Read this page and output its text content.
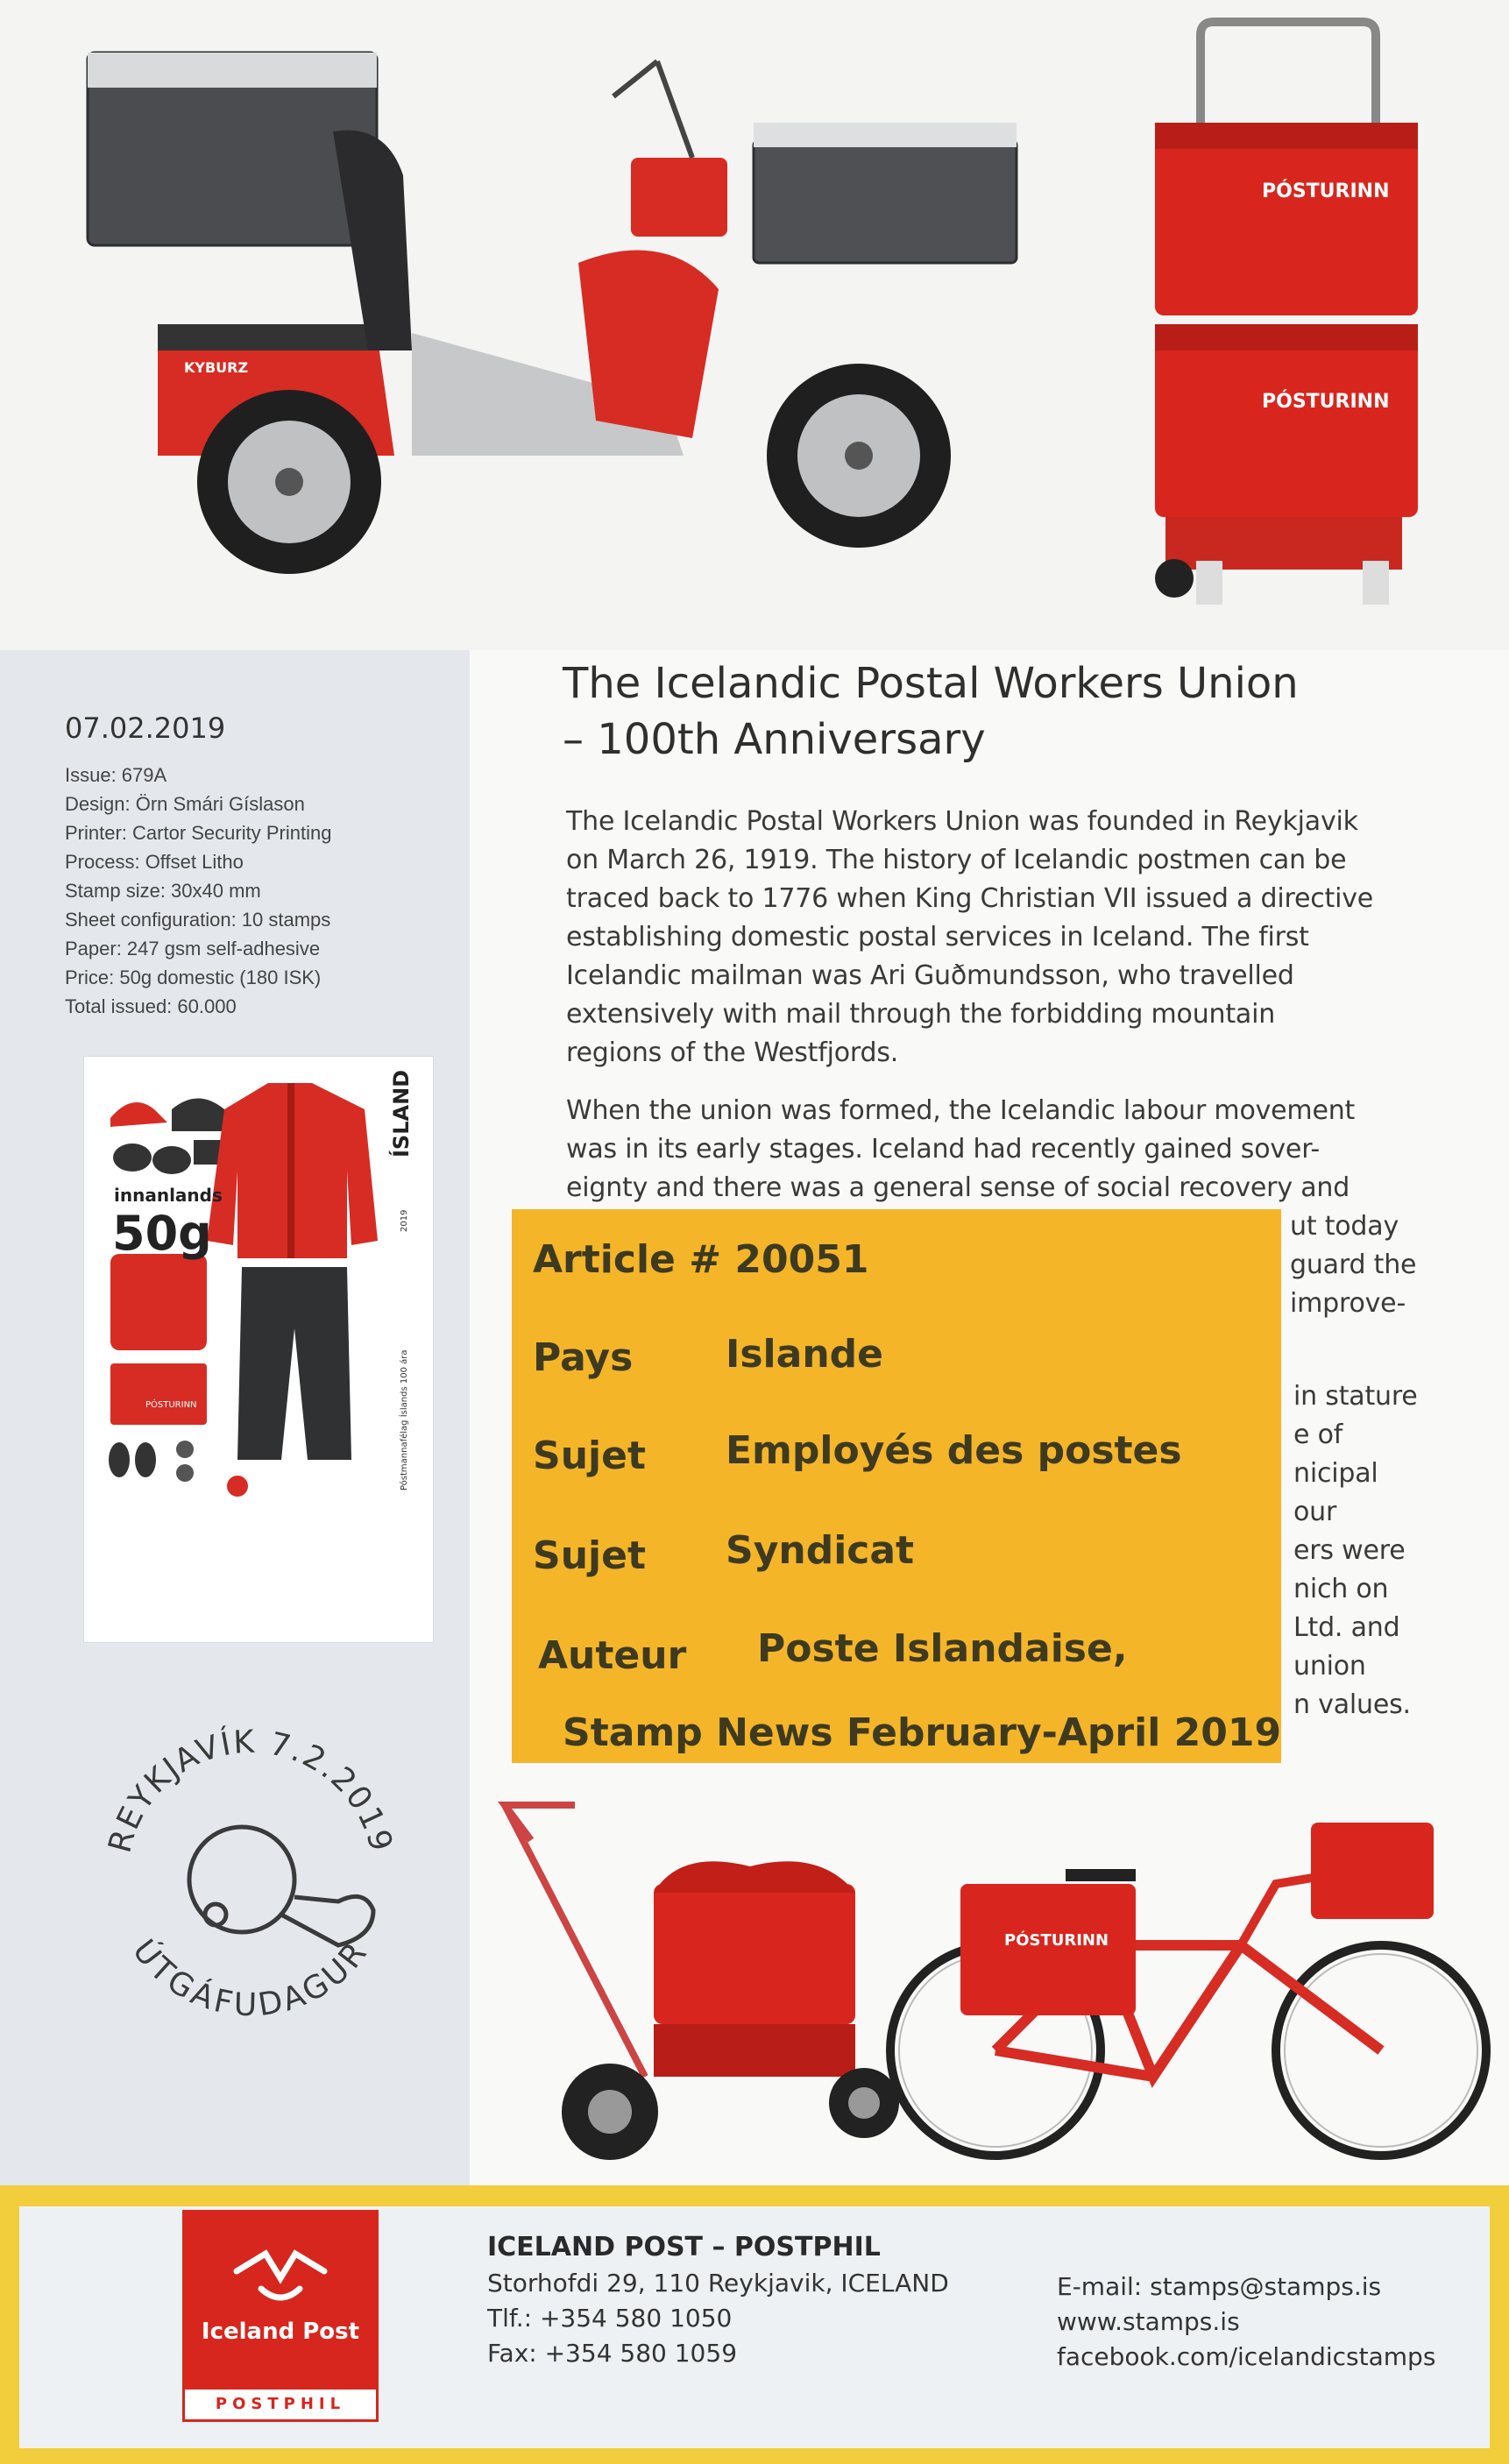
KYBURZ
PÓSTURINN
PÓSTURINN
07.02.2019
Issue: 679A
Design: Örn Smári Gíslason
Printer: Cartor Security Printing
Process: Offset Litho
Stamp size: 30x40 mm
Sheet configuration: 10 stamps
Paper: 247 gsm self-adhesive
Price: 50g domestic (180 ISK)
Total issued: 60.000
innanlands
50g
PÓSTURINN
ÍSLAND
2019
Póstmannafélag Íslands 100 ára
REYKJAVÍK 7.2.2019
ÚTGÁFUDAGUR
The Icelandic Postal Workers Union
– 100th Anniversary
The Icelandic Postal Workers Union was founded in Reykjavik
on March 26, 1919. The history of Icelandic postmen can be
traced back to 1776 when King Christian VII issued a directive
establishing domestic postal services in Iceland. The first
Icelandic mailman was Ari Guðmundsson, who travelled
extensively with mail through the forbidding mountain
regions of the Westfjords.
When the union was formed, the Icelandic labour movement
was in its early stages. Iceland had recently gained sover-
eignty and there was a general sense of social recovery and
ut today
guard the
improve-
in stature
e of
nicipal
our
ers were
nich on
Ltd. and
union
n values.
Article # 20051
Pays Islande
Sujet Employés des postes
Sujet Syndicat
Auteur Poste Islandaise,
Stamp News February-April 2019
PÓSTURINN
Iceland Post
POSTPHIL
ICELAND POST – POSTPHIL
Storhofdi 29, 110 Reykjavik, ICELAND
Tlf.: +354 580 1050
Fax: +354 580 1059
E-mail: stamps@stamps.is
www.stamps.is
facebook.com/icelandicstamps
